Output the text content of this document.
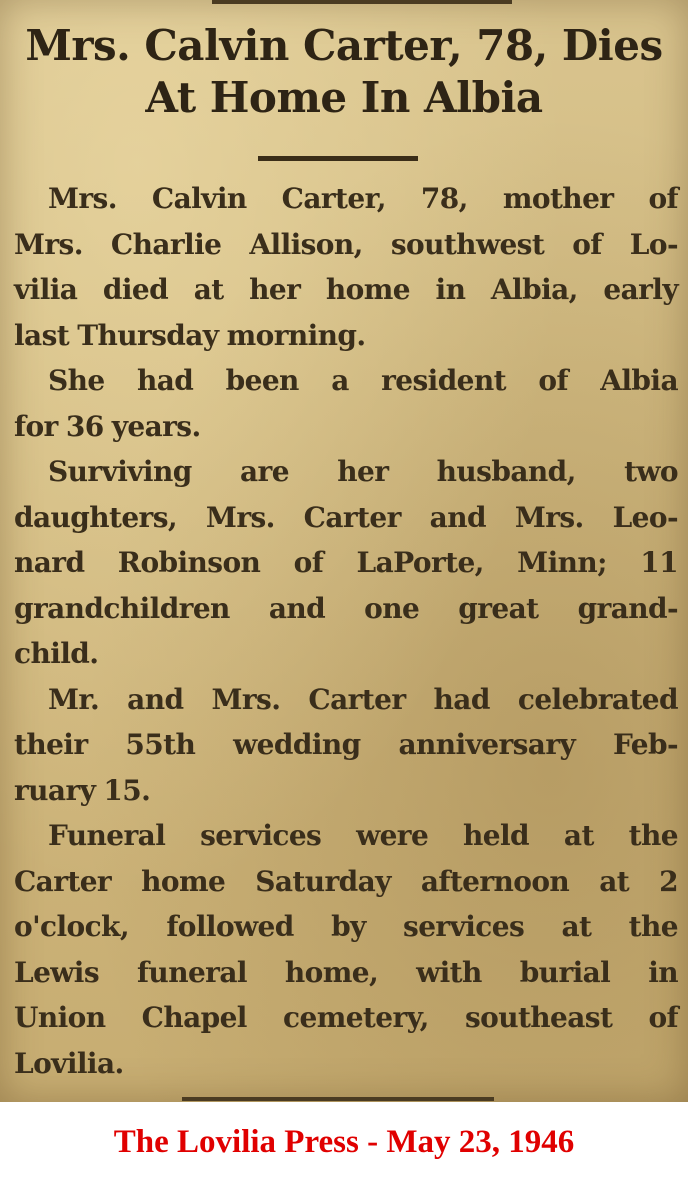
Mrs. Calvin Carter, 78, Dies
At Home In Albia

Mrs. Calvin Carter, 78, mother of
Mrs. Charlie Allison, southwest of Lo-
vilia died at her home in Albia, early
last Thursday morning.

She had been a resident of Albia
for 36 years.

Surviving are her husband, two
daughters, Mrs. Carter and Mrs. Leo-
nard Robinson of LaPorte, Minn; 11
grandchildren and one great grand-
child.

Mr. and Mrs. Carter had celebrated
their 55th wedding anniversary Feb-
ruary 15.

Funeral services were held at the
Carter home Saturday afternoon at 2
o'clock, followed by services at the
Lewis funeral home, with burial in
Union Chapel cemetery, southeast of
Lovilia.

The Lovilia Press - May 23, 1946
